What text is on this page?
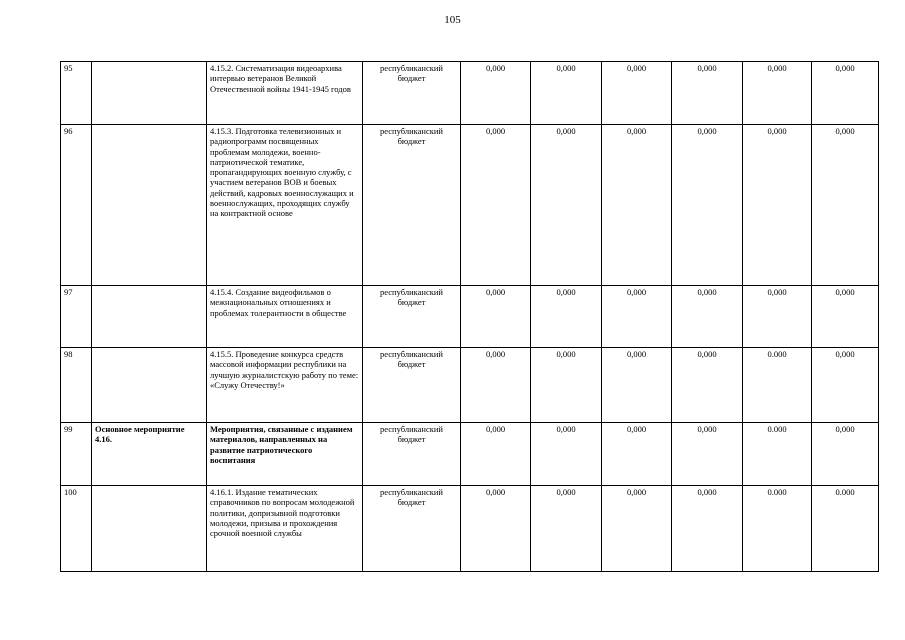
105
95		4.15.2. Систематизация видеоархива интервью ветеранов Великой Отечественной войны 1941-1945 годов	республиканский бюджет	0,000	0,000	0,000	0,000	0,000	0,000
96		4.15.3. Подготовка телевизионных и радиопрограмм посвященных проблемам молодежи, военно-патриотической тематике, пропагандирующих военную службу, с участием ветеранов ВОВ и боевых действий, кадровых военнослужащих и военнослужащих, проходящих службу на контрактной основе	республиканский бюджет	0,000	0,000	0,000	0,000	0,000	0,000
97		4.15.4. Создание видеофильмов о межнациональных отношениях и проблемах толерантности в обществе	республиканский бюджет	0,000	0,000	0,000	0,000	0,000	0,000
98		4.15.5. Проведение конкурса средств массовой информации республики на лучшую журналистскую работу по теме: «Служу Отечеству!»	республиканский бюджет	0,000	0,000	0,000	0,000	0.000	0,000
99	Основное мероприятие 4.16.	Мероприятия, связанные с изданием материалов, направленных на развитие патриотического воспитания	республиканский бюджет	0,000	0,000	0,000	0,000	0.000	0,000
100		4.16.1. Издание тематических справочников по вопросам молодежной политики, допризывной подготовки молодежи, призыва и прохождения срочной военной службы	республиканский бюджет	0,000	0,000	0,000	0,000	0.000	0.000
